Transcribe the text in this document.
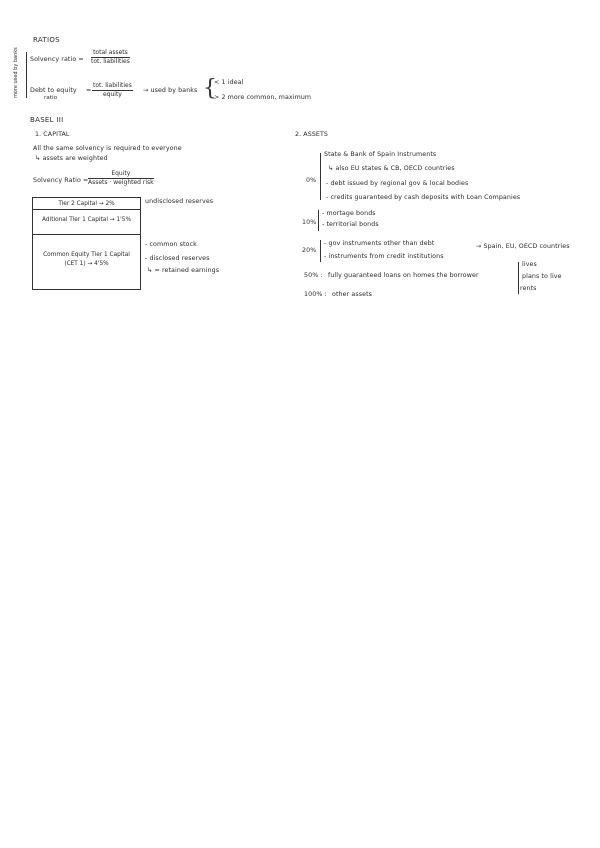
RATIOS
more used by banks Solvency ratio =
total assets
tot. liabilities
Debt to equity
ratio
=
tot. liabilities
equity
→ used by banks {
< 1 ideal
> 2 more common, maximum
BASEL III
1. CAPITAL
All the same solvency is required to everyone
↳ assets are weighted
Solvency Ratio =
Equity
Assets · weighted risk
Tier 2 Capital → 2%
Aditional Tier 1 Capital → 1'5%
Common Equity Tier 1 Capital
(CET 1) → 4'5%
undisclosed reserves
- common stock
- disclosed reserves
↳ = retained earnings
2. ASSETS
0%
State & Bank of Spain Instruments
↳ also EU states & CB, OECD countries
- debt issued by regional gov & local bodies
- credits guaranteed by cash deposits with Loan Companies
10%
- mortage bonds
- territorial bonds
20%
- gov instruments other than debt	→ Spain, EU, OECD countries
- instruments from credit institutions
50% : fully guaranteed loans on homes the borrower
lives
plans to live
rents
100% : other assets
